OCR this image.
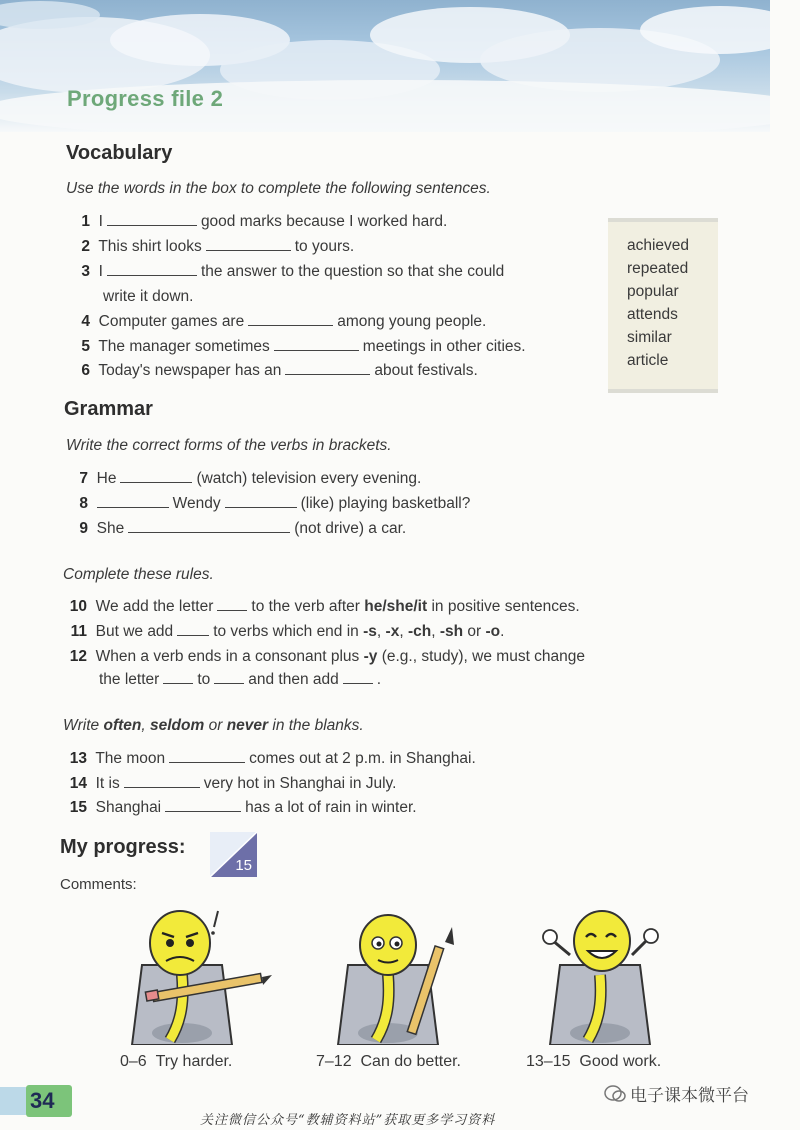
Progress file 2
Vocabulary
Use the words in the box to complete the following sentences.
1 I	good marks because I worked hard.
2 This shirt looks	to yours.
3 I	the answer to the question so that she could
write it down.
4 Computer games are	among young people.
5 The manager sometimes	meetings in other cities.
6 Today's newspaper has an	about festivals.
achieved
repeated
popular
attends
similar
article
Grammar
Write the correct forms of the verbs in brackets.
7 He	(watch) television every evening.
8	Wendy	(like) playing basketball?
9 She	(not drive) a car.
Complete these rules.
10 We add the letter to the verb after he/she/it in positive sentences.
11 But we add	to verbs which end in -s, -x, -ch, -sh or -o.
12 When a verb ends in a consonant plus -y (e.g., study), we must change
the letter to and then add .
Write often, seldom or never in the blanks.
13 The moon	comes out at 2 p.m. in Shanghai.
14 It is	very hot in Shanghai in July.
15 Shanghai	has a lot of rain in winter.
My progress:
15
Comments:
0–6 Try harder.	7–12 Can do better.	13–15 Good work.
34	电子课本微平台
关注微信公众号“教辅资料站”获取更多学习资料
